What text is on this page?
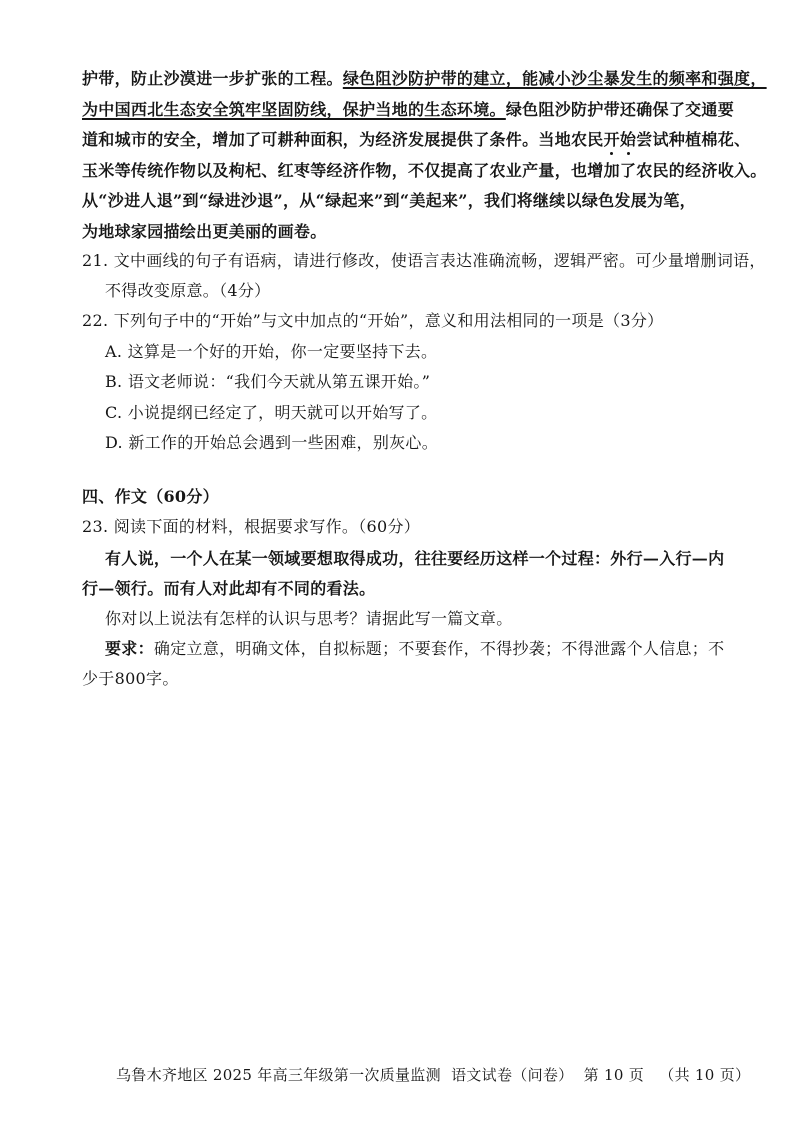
护带，防止沙漠进一步扩张的工程。绿色阻沙防护带的建立，能减小沙尘暴发生的频率和强度，
为中国西北生态安全筑牢坚固防线，保护当地的生态环境。绿色阻沙防护带还确保了交通要
道和城市的安全，增加了可耕种面积，为经济发展提供了条件。当地农民开始尝试种植棉花、
玉米等传统作物以及枸杞、红枣等经济作物，不仅提高了农业产量，也增加了农民的经济收入。
从“沙进人退”到“绿进沙退”，从“绿起来”到“美起来”，我们将继续以绿色发展为笔，
为地球家园描绘出更美丽的画卷。
21. 文中画线的句子有语病，请进行修改，使语言表达准确流畅，逻辑严密。可少量增删词语，
不得改变原意。（4分）
22. 下列句子中的“开始”与文中加点的“开始”，意义和用法相同的一项是（3分）
A. 这算是一个好的开始，你一定要坚持下去。
B. 语文老师说：“我们今天就从第五课开始。”
C. 小说提纲已经定了，明天就可以开始写了。
D. 新工作的开始总会遇到一些困难，别灰心。
四、作文（60分）
23. 阅读下面的材料，根据要求写作。（60分）
有人说，一个人在某一领域要想取得成功，往往要经历这样一个过程：外行—入行—内
行—领行。而有人对此却有不同的看法。
你对以上说法有怎样的认识与思考？请据此写一篇文章。
要求：确定立意，明确文体，自拟标题；不要套作，不得抄袭；不得泄露个人信息；不
少于800字。
乌鲁木齐地区 2025 年高三年级第一次质量监测 语文试卷（问卷） 第 10 页 （共 10 页）
